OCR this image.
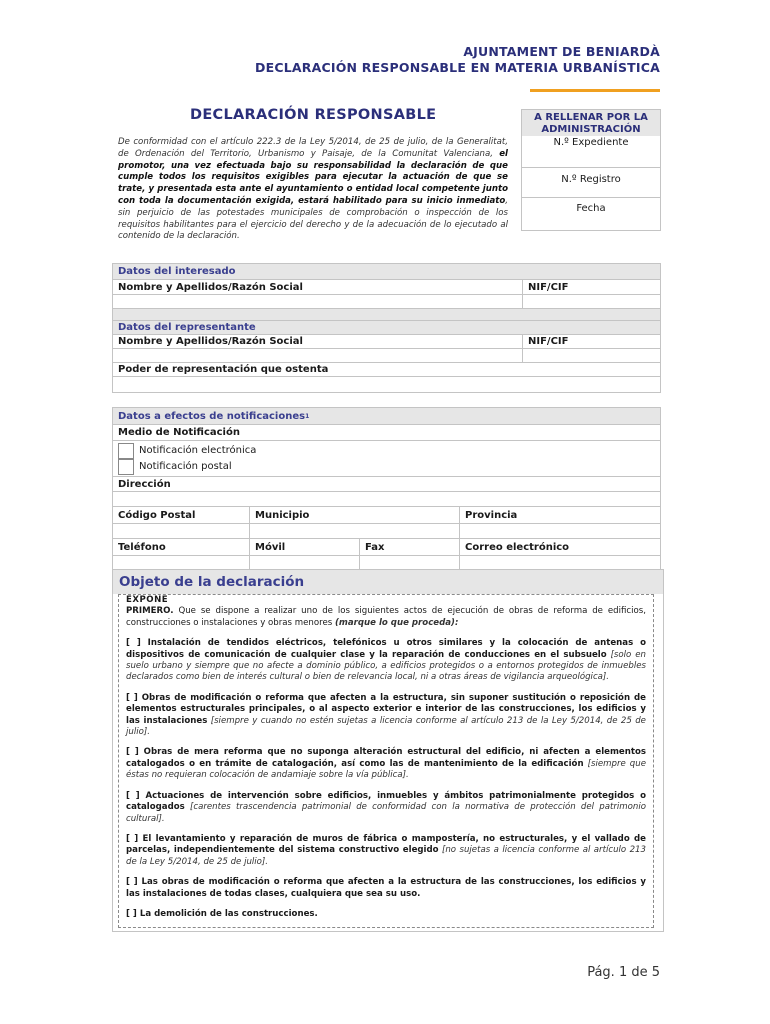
AJUNTAMENT DE BENIARDÀ
DECLARACIÓN RESPONSABLE EN MATERIA URBANÍSTICA
DECLARACIÓN RESPONSABLE
De conformidad con el artículo 222.3 de la Ley 5/2014, de 25 de julio, de la Generalitat, de Ordenación del Territorio, Urbanismo y Paisaje, de la Comunitat Valenciana, el promotor, una vez efectuada bajo su responsabilidad la declaración de que cumple todos los requisitos exigibles para ejecutar la actuación de que se trate, y presentada esta ante el ayuntamiento o entidad local competente junto con toda la documentación exigida, estará habilitado para su inicio inmediato, sin perjuicio de las potestades municipales de comprobación o inspección de los requisitos habilitantes para el ejercicio del derecho y de la adecuación de lo ejecutado al contenido de la declaración.
A RELLENAR POR LA ADMINISTRACIÓN
N.º Expediente
N.º Registro
Fecha
Datos del interesado
Nombre y Apellidos/Razón Social	NIF/CIF
Datos del representante
Nombre y Apellidos/Razón Social	NIF/CIF
Poder de representación que ostenta
Datos a efectos de notificaciones 1
Medio de Notificación
Notificación electrónica
Notificación postal
Dirección
Código Postal	Municipio	Provincia
Teléfono	Móvil	Fax	Correo electrónico
Objeto de la declaración
EXPONE
PRIMERO. Que se dispone a realizar uno de los siguientes actos de ejecución de obras de reforma de edificios, construcciones o instalaciones y obras menores (marque lo que proceda):
[ ] Instalación de tendidos eléctricos, telefónicos u otros similares y la colocación de antenas o dispositivos de comunicación de cualquier clase y la reparación de conducciones en el subsuelo [solo en suelo urbano y siempre que no afecte a dominio público, a edificios protegidos o a entornos protegidos de inmuebles declarados como bien de interés cultural o bien de relevancia local, ni a otras áreas de vigilancia arqueológica].
[ ] Obras de modificación o reforma que afecten a la estructura, sin suponer sustitución o reposición de elementos estructurales principales, o al aspecto exterior e interior de las construcciones, los edificios y las instalaciones [siempre y cuando no estén sujetas a licencia conforme al artículo 213 de la Ley 5/2014, de 25 de julio].
[ ] Obras de mera reforma que no suponga alteración estructural del edificio, ni afecten a elementos catalogados o en trámite de catalogación, así como las de mantenimiento de la edificación [siempre que éstas no requieran colocación de andamiaje sobre la vía pública].
[ ] Actuaciones de intervención sobre edificios, inmuebles y ámbitos patrimonialmente protegidos o catalogados [carentes trascendencia patrimonial de conformidad con la normativa de protección del patrimonio cultural].
[ ] El levantamiento y reparación de muros de fábrica o mampostería, no estructurales, y el vallado de parcelas, independientemente del sistema constructivo elegido [no sujetas a licencia conforme al artículo 213 de la Ley 5/2014, de 25 de julio].
[ ] Las obras de modificación o reforma que afecten a la estructura de las construcciones, los edificios y las instalaciones de todas clases, cualquiera que sea su uso.
[ ] La demolición de las construcciones.
Pág. 1 de 5
